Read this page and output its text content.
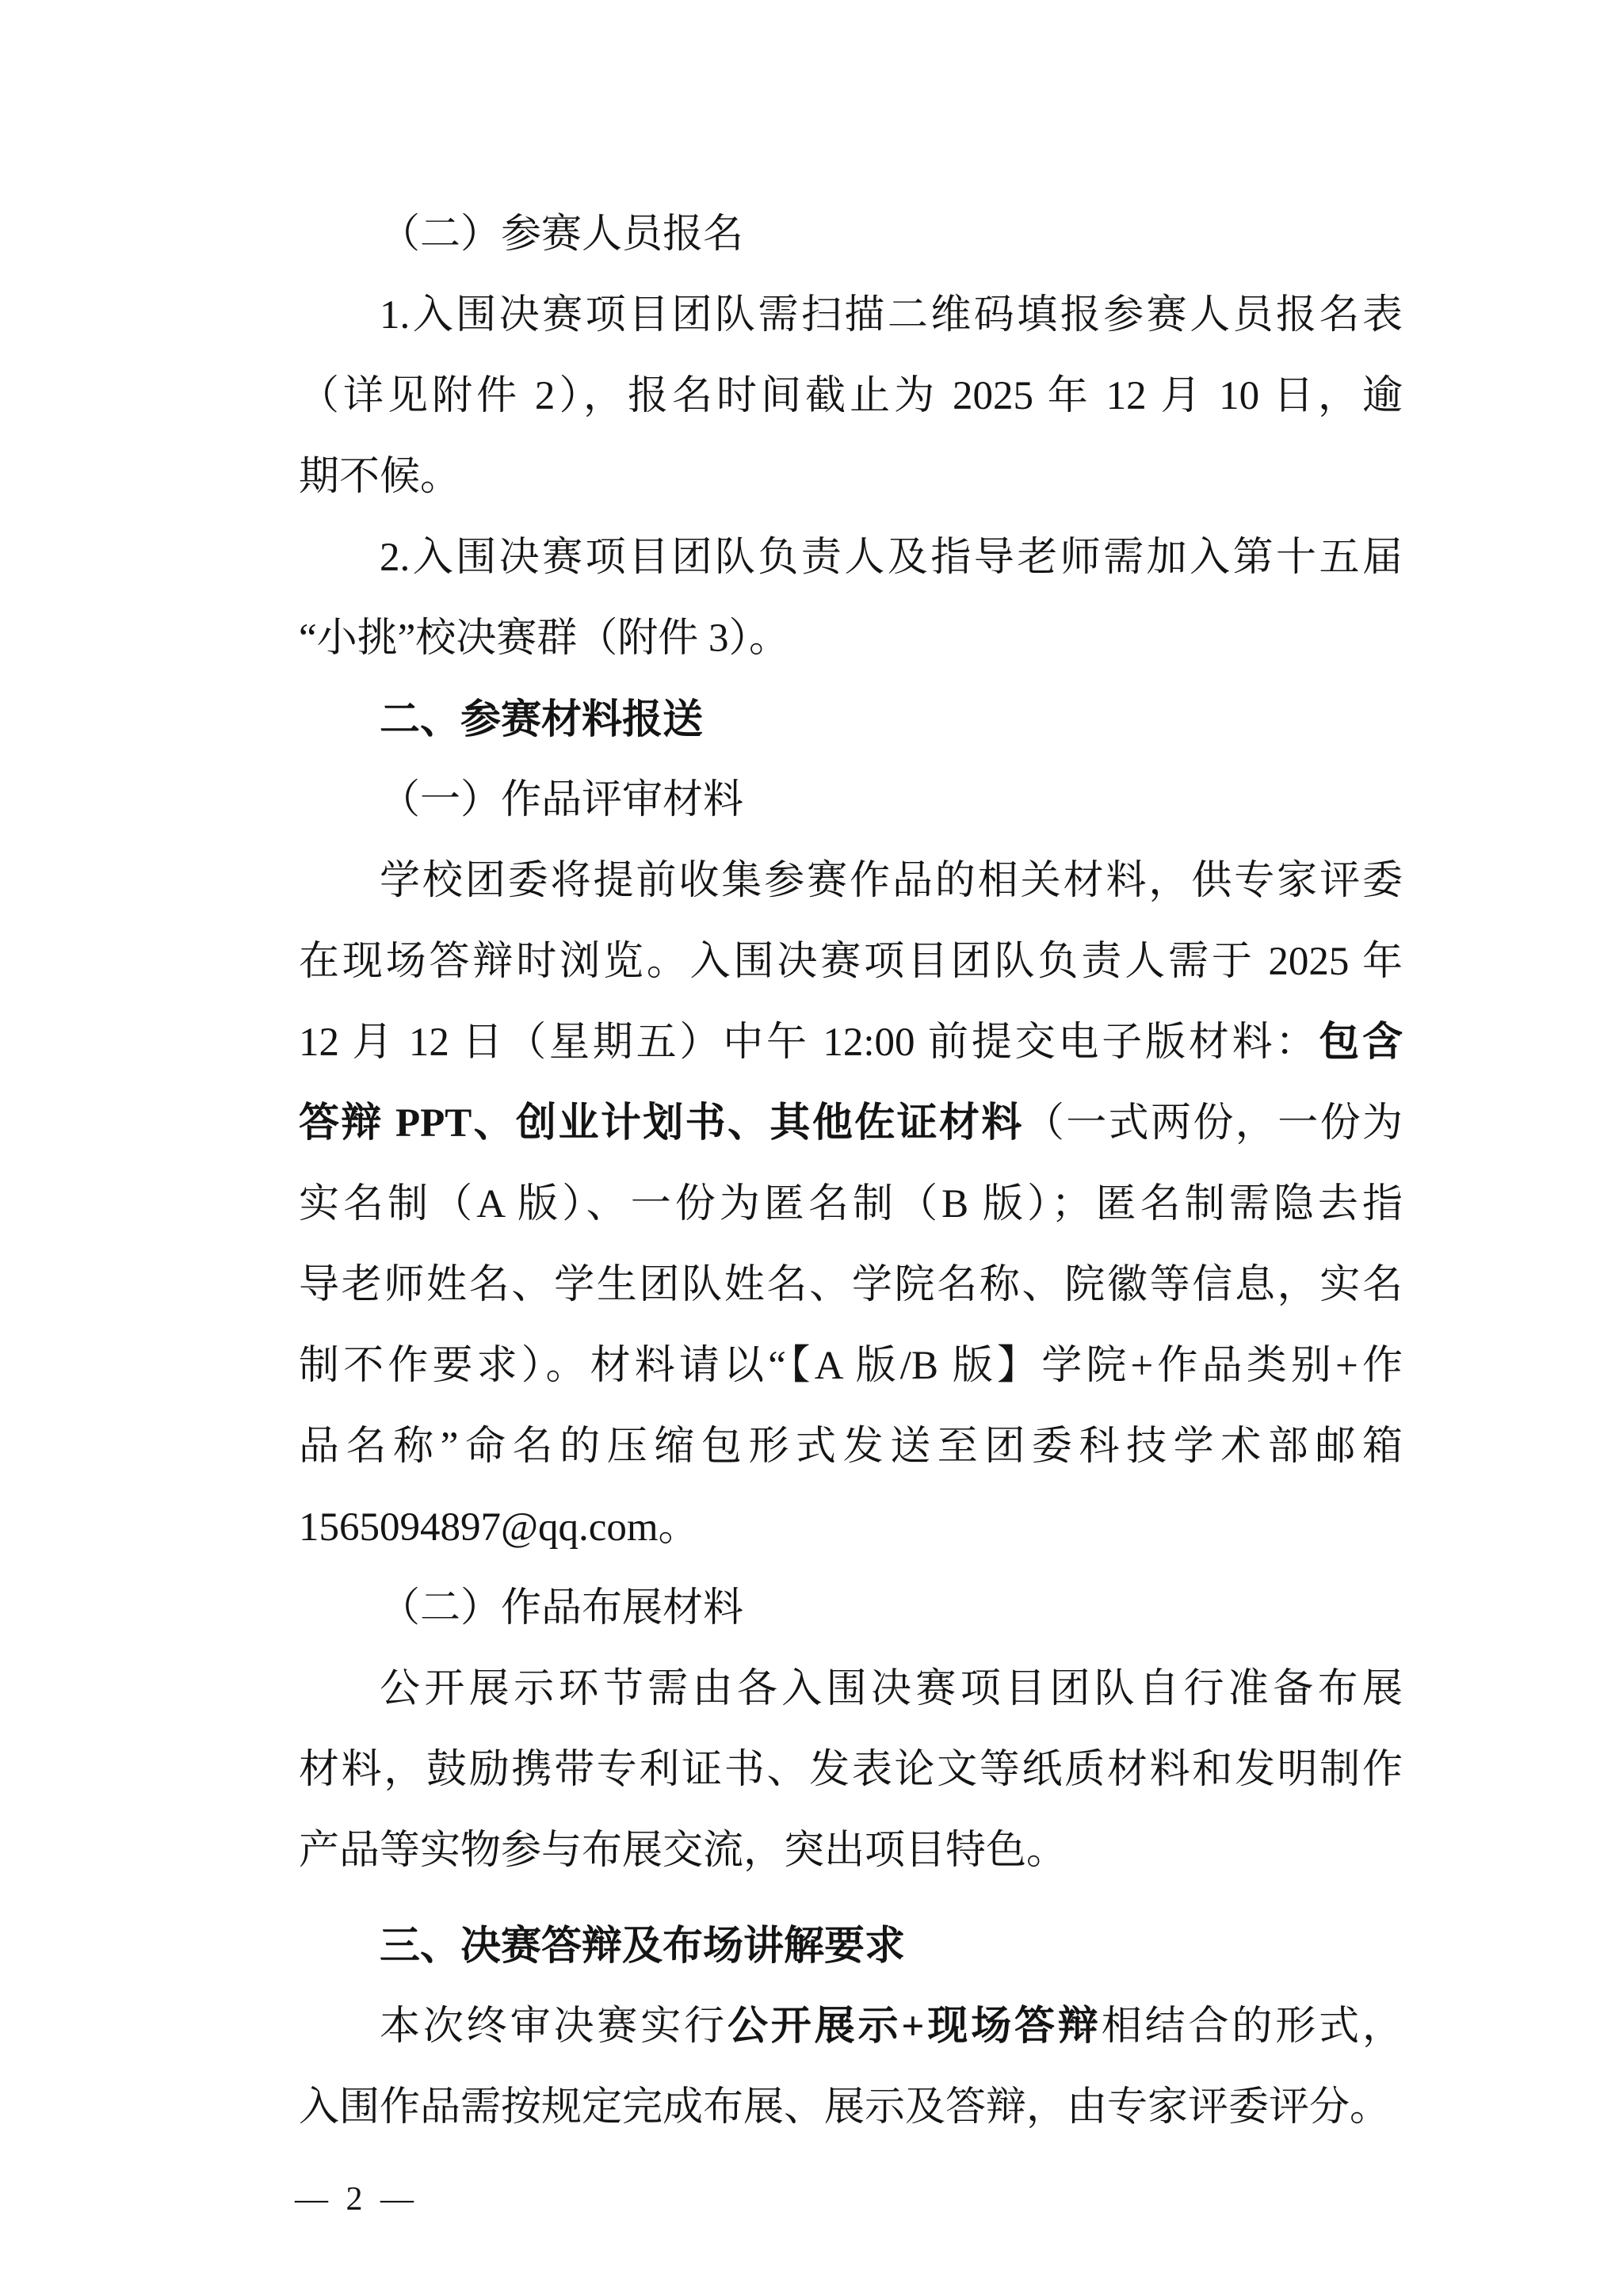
（二）参赛人员报名
1.入围决赛项目团队需扫描二维码填报参赛人员报名表
（详见附件 2），报名时间截止为 2025 年 12 月 10 日，逾
期不候。
2.入围决赛项目团队负责人及指导老师需加入第十五届
“小挑”校决赛群（附件 3）。
二、参赛材料报送
（一）作品评审材料
学校团委将提前收集参赛作品的相关材料，供专家评委
在现场答辩时浏览。入围决赛项目团队负责人需于 2025 年
12 月 12 日（星期五）中午 12:00 前提交电子版材料：包含
答辩 PPT、创业计划书、其他佐证材料（一式两份，一份为
实名制（A 版）、一份为匿名制（B 版）；匿名制需隐去指
导老师姓名、学生团队姓名、学院名称、院徽等信息，实名
制不作要求）。材料请以“【A 版/B 版】学院+作品类别+作
品名称”命名的压缩包形式发送至团委科技学术部邮箱
1565094897@qq.com。
（二）作品布展材料
公开展示环节需由各入围决赛项目团队自行准备布展
材料，鼓励携带专利证书、发表论文等纸质材料和发明制作
产品等实物参与布展交流，突出项目特色。
三、决赛答辩及布场讲解要求
本次终审决赛实行公开展示+现场答辩相结合的形式，
入围作品需按规定完成布展、展示及答辩，由专家评委评分。
— 2 —
